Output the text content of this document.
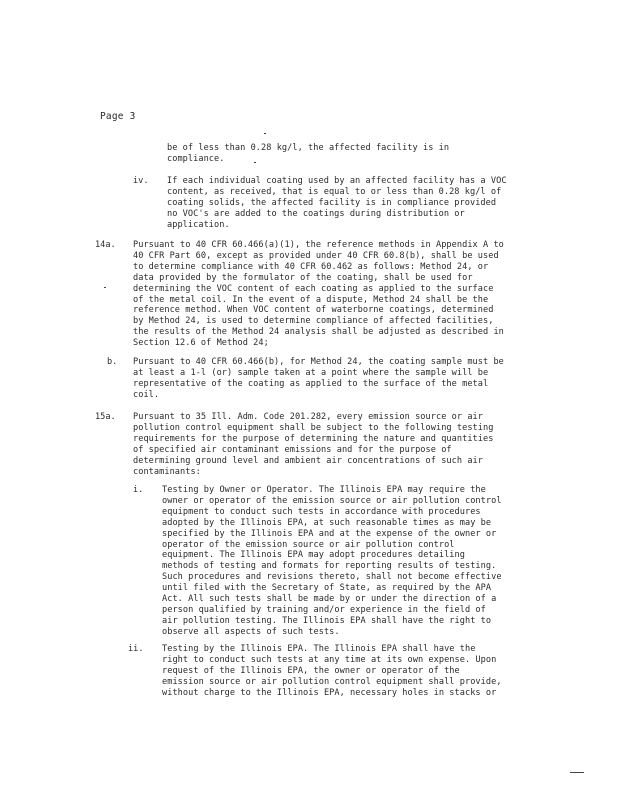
Page 3
be of less than 0.28 kg/l, the affected facility is in
compliance.
iv. If each individual coating used by an affected facility has a VOC
content, as received, that is equal to or less than 0.28 kg/l of
coating solids, the affected facility is in compliance provided
no VOC's are added to the coatings during distribution or
application.
14a. Pursuant to 40 CFR 60.466(a)(1), the reference methods in Appendix A to
40 CFR Part 60, except as provided under 40 CFR 60.8(b), shall be used
to determine compliance with 40 CFR 60.462 as follows: Method 24, or
data provided by the formulator of the coating, shall be used for
determining the VOC content of each coating as applied to the surface
of the metal coil. In the event of a dispute, Method 24 shall be the
reference method. When VOC content of waterborne coatings, determined
by Method 24, is used to determine compliance of affected facilities,
the results of the Method 24 analysis shall be adjusted as described in
Section 12.6 of Method 24;
b. Pursuant to 40 CFR 60.466(b), for Method 24, the coating sample must be
at least a 1-l (or) sample taken at a point where the sample will be
representative of the coating as applied to the surface of the metal
coil.
15a. Pursuant to 35 Ill. Adm. Code 201.282, every emission source or air
pollution control equipment shall be subject to the following testing
requirements for the purpose of determining the nature and quantities
of specified air contaminant emissions and for the purpose of
determining ground level and ambient air concentrations of such air
contaminants:
i. Testing by Owner or Operator. The Illinois EPA may require the
owner or operator of the emission source or air pollution control
equipment to conduct such tests in accordance with procedures
adopted by the Illinois EPA, at such reasonable times as may be
specified by the Illinois EPA and at the expense of the owner or
operator of the emission source or air pollution control
equipment. The Illinois EPA may adopt procedures detailing
methods of testing and formats for reporting results of testing.
Such procedures and revisions thereto, shall not become effective
until filed with the Secretary of State, as required by the APA
Act. All such tests shall be made by or under the direction of a
person qualified by training and/or experience in the field of
air pollution testing. The Illinois EPA shall have the right to
observe all aspects of such tests.
ii. Testing by the Illinois EPA. The Illinois EPA shall have the
right to conduct such tests at any time at its own expense. Upon
request of the Illinois EPA, the owner or operator of the
emission source or air pollution control equipment shall provide,
without charge to the Illinois EPA, necessary holes in stacks or
